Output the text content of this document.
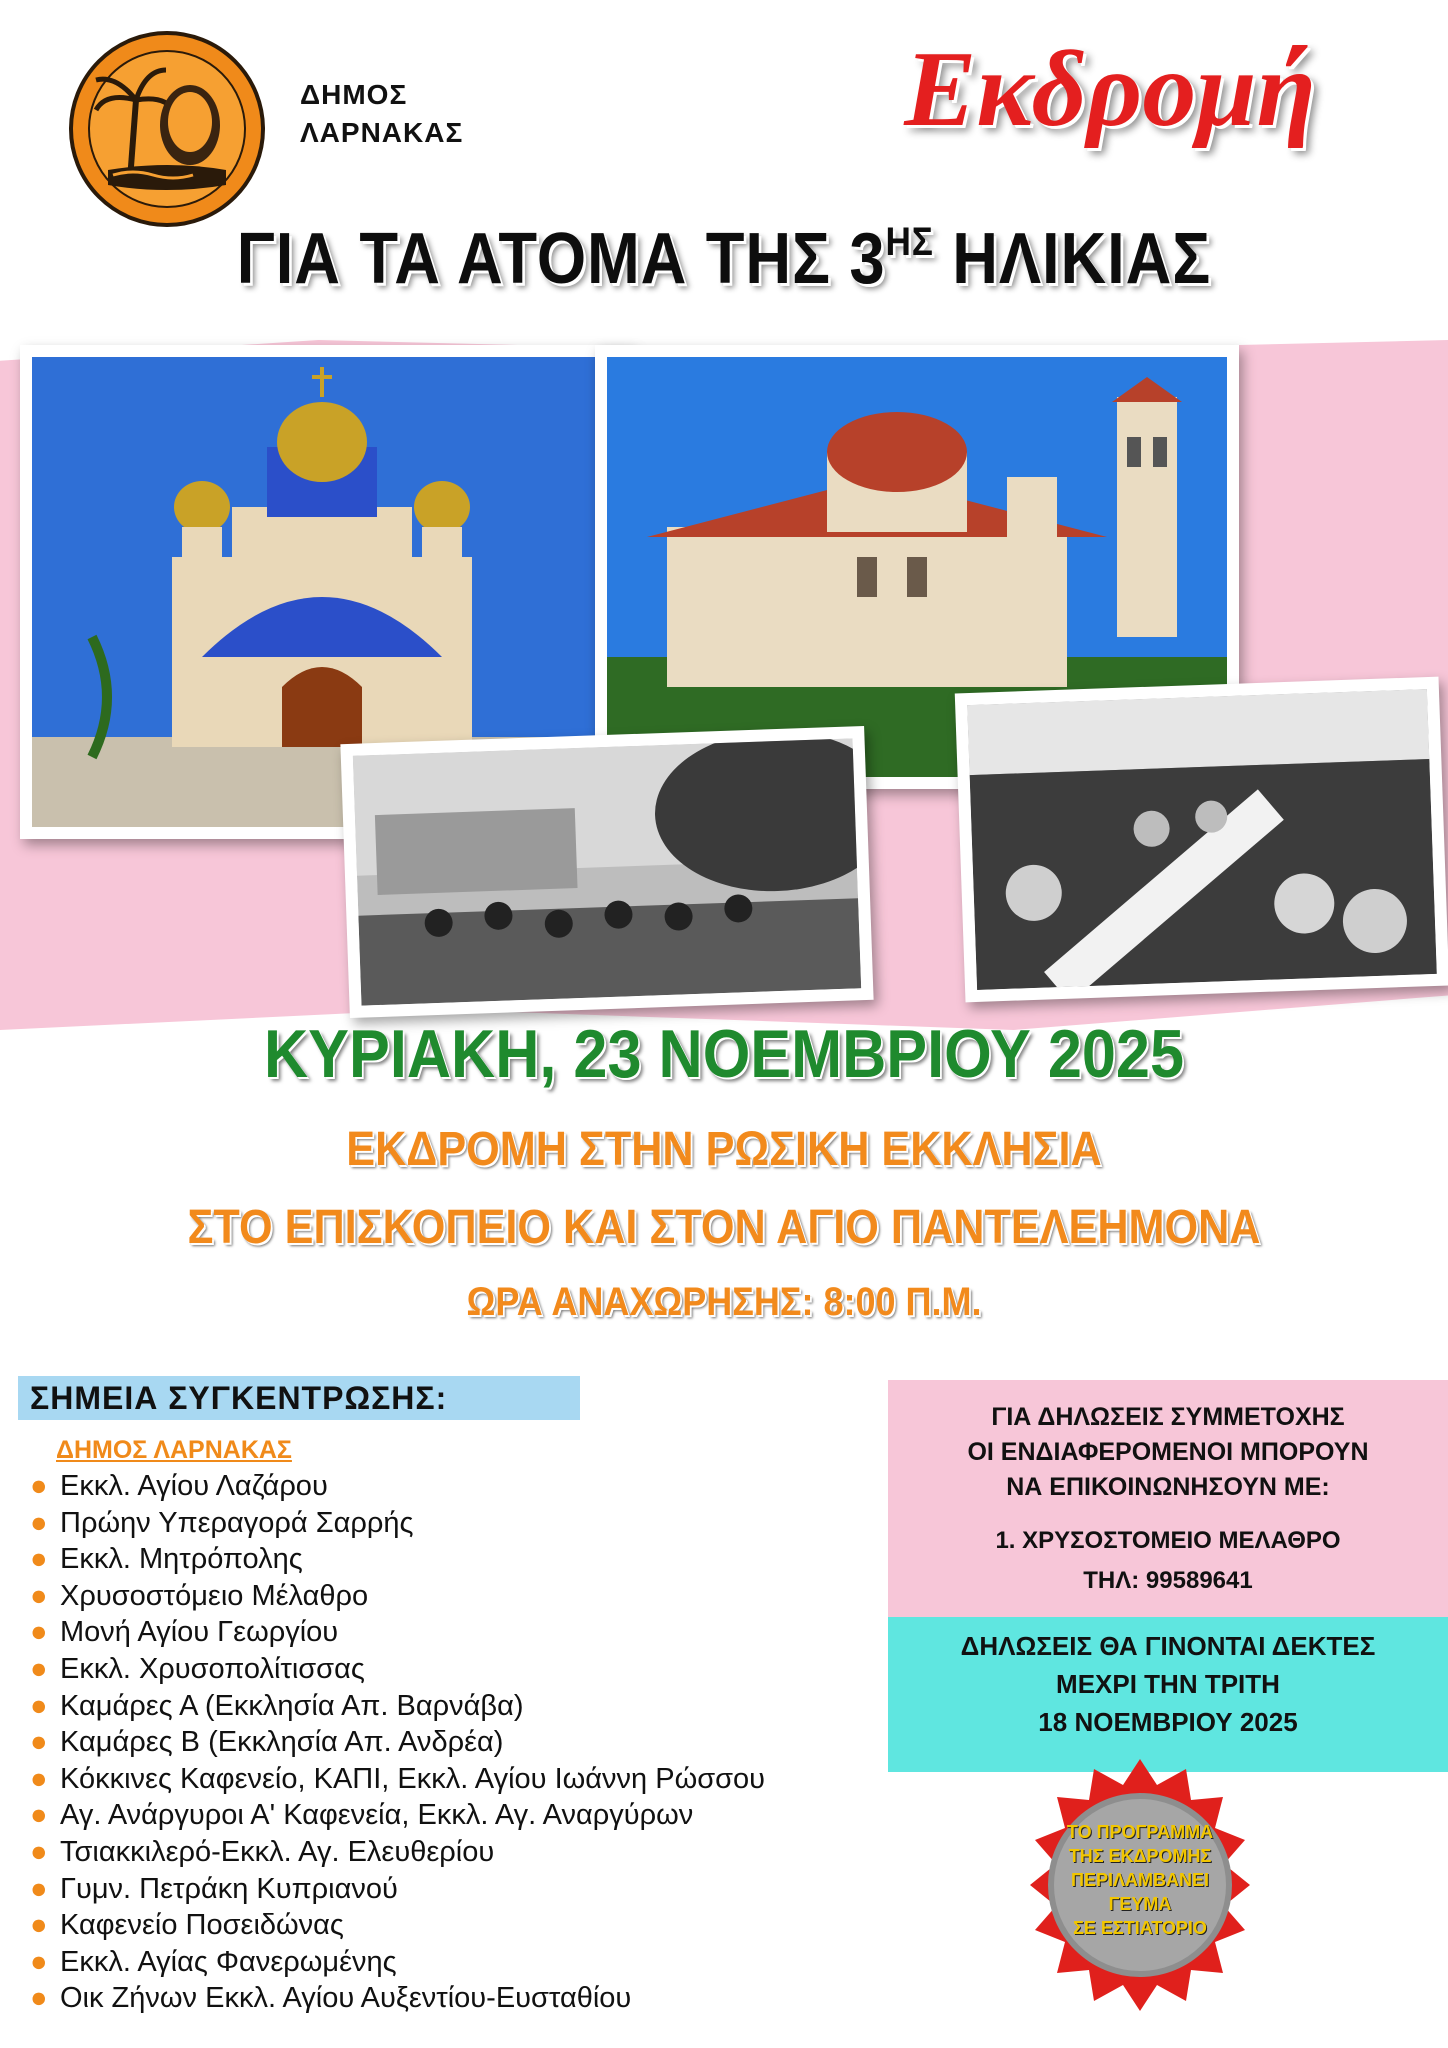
ΔΗΜΟΣ
ΛΑΡΝΑΚΑΣ	Εκδρομή
ΓΙΑ ΤΑ ΑΤΟΜΑ ΤΗΣ $3^{H\Sigma}$ ΗΛΙΚΙΑΣ
ΚΥΡΙΑΚΗ, 23 ΝΟΕΜΒΡΙΟΥ 2025
ΕΚΔΡΟΜΗ ΣΤΗΝ ΡΩΣΙΚΗ ΕΚΚΛΗΣΙΑ
ΣΤΟ ΕΠΙΣΚΟΠΕΙΟ ΚΑΙ ΣΤΟΝ ΑΓΙΟ ΠΑΝΤΕΛΕΗΜΟΝΑ
ΩΡΑ ΑΝΑΧΩΡΗΣΗΣ: 8:00 Π.Μ.
ΣΗΜΕΙΑ ΣΥΓΚΕΝΤΡΩΣΗΣ:
ΔΗΜΟΣ ΛΑΡΝΑΚΑΣ
● Εκκλ. Αγίου Λαζάρου
● Πρώην Υπεραγορά Σαρρής
● Εκκλ. Μητρόπολης
● Χρυσοστόμειο Μέλαθρο
● Μονή Αγίου Γεωργίου
● Εκκλ. Χρυσοπολίτισσας
● Καμάρες Α (Εκκλησία Απ. Βαρνάβα)
● Καμάρες Β (Εκκλησία Απ. Ανδρέα)
● Κόκκινες Καφενείο, ΚΑΠΙ, Εκκλ. Αγίου Ιωάννη Ρώσσου
● Αγ. Ανάργυροι Α' Καφενεία, Εκκλ. Αγ. Αναργύρων
● Τσιακκιλερό-Εκκλ. Αγ. Ελευθερίου
● Γυμν. Πετράκη Κυπριανού
● Καφενείο Ποσειδώνας
● Εκκλ. Αγίας Φανερωμένης
● Οικ Ζήνων Εκκλ. Αγίου Αυξεντίου-Ευσταθίου
ΓΙΑ ΔΗΛΩΣΕΙΣ ΣΥΜΜΕΤΟΧΗΣ
ΟΙ ΕΝΔΙΑΦΕΡΟΜΕΝΟΙ ΜΠΟΡΟΥΝ
ΝΑ ΕΠΙΚΟΙΝΩΝΗΣΟΥΝ ΜΕ:
1. ΧΡΥΣΟΣΤΟΜΕΙΟ ΜΕΛΑΘΡΟ
ΤΗΛ: 99589641
ΔΗΛΩΣΕΙΣ ΘΑ ΓΙΝΟΝΤΑΙ ΔΕΚΤΕΣ
ΜΕΧΡΙ ΤΗΝ ΤΡΙΤΗ
18 ΝΟΕΜΒΡΙΟΥ 2025
ΤΟ ΠΡΟΓΡΑΜΜΑ
ΤΗΣ ΕΚΔΡΟΜΗΣ
ΠΕΡΙΛΑΜΒΑΝΕΙ
ΓΕΥΜΑ
ΣΕ ΕΣΤΙΑΤΟΡΙΟ
